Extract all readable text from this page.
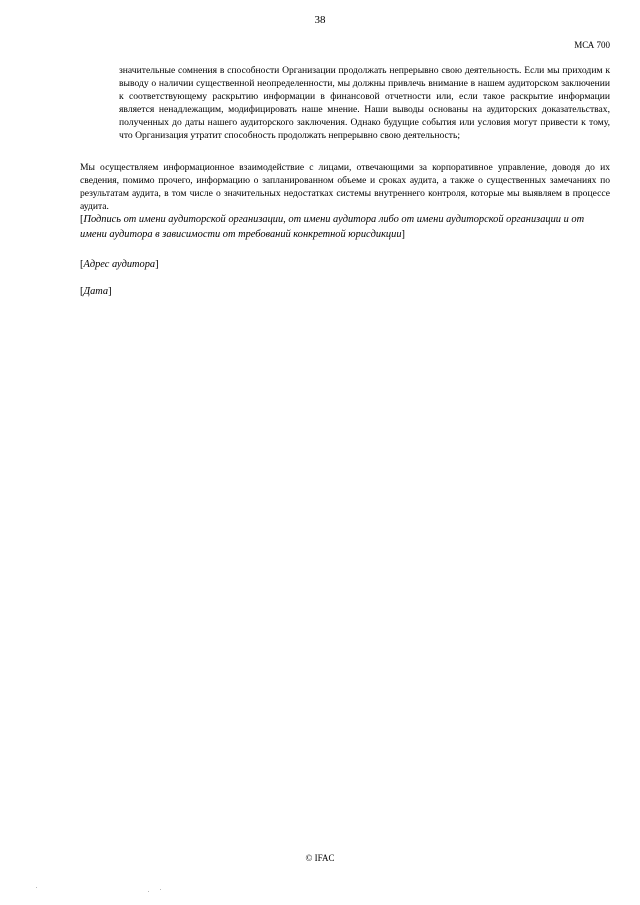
38
МСА 700

значительные сомнения в способности Организации продолжать непрерывно свою деятельность. Если мы приходим к выводу о наличии существенной неопределенности, мы должны привлечь внимание в нашем аудиторском заключении к соответствующему раскрытию информации в финансовой отчетности или, если такое раскрытие информации является ненадлежащим, модифицировать наше мнение. Наши выводы основаны на аудиторских доказательствах, полученных до даты нашего аудиторского заключения. Однако будущие события или условия могут привести к тому, что Организация утратит способность продолжать непрерывно свою деятельность;

Мы осуществляем информационное взаимодействие с лицами, отвечающими за корпоративное управление, доводя до их сведения, помимо прочего, информацию о запланированном объеме и сроках аудита, а также о существенных замечаниях по результатам аудита, в том числе о значительных недостатках системы внутреннего контроля, которые мы выявляем в процессе аудита.

[Подпись от имени аудиторской организации, от имени аудитора либо от имени аудиторской организации и от имени аудитора в зависимости от требований конкретной юрисдикции]
[Адрес аудитора]
[Дата]
© IFAC
